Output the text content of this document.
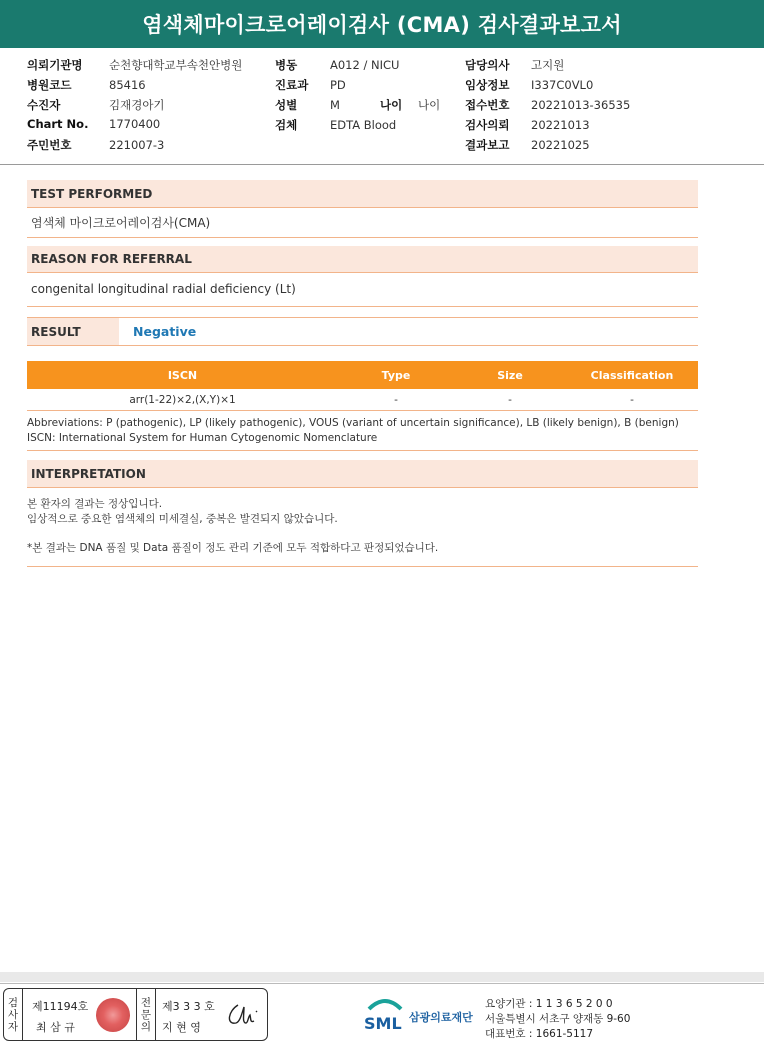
염색체마이크로어레이검사 (CMA) 검사결과보고서
의뢰기관명 순천향대학교부속천안병원
병원코드	85416
수진자	김재경아기
Chart No. 1770400
주민번호	221007-3
병동	A012 / NICU
진료과 PD
성별	M	나이 나이
검체	EDTA Blood
담당의사 고지원
임상정보 I337C0VL0
접수번호 20221013-36535
검사의뢰 20221013
결과보고 20221025
TEST PERFORMED
염색체 마이크로어레이검사(CMA)
REASON FOR REFERRAL
congenital longitudinal radial deficiency (Lt)
RESULT	Negative
ISCN	Type	Size	Classification
arr(1-22)×2,(X,Y)×1	-	-	-
Abbreviations: P (pathogenic), LP (likely pathogenic), VOUS (variant of uncertain significance), LB (likely benign), B (benign)
ISCN: International System for Human Cytogenomic Nomenclature
INTERPRETATION
본 환자의 결과는 정상입니다.
임상적으로 중요한 염색체의 미세결실, 중복은 발견되지 않았습니다.
*본 결과는 DNA 품질 및 Data 품질이 정도 관리 기준에 모두 적합하다고 판정되었습니다.
검
사
자
제11194호
최 삼 규
전
문
의
제3 3 3 호
지 현 영	SML 삼광의료재단
요양기관 : 1 1 3 6 5 2 0 0
서울특별시 서초구 양재동 9-60
대표번호 : 1661-5117
